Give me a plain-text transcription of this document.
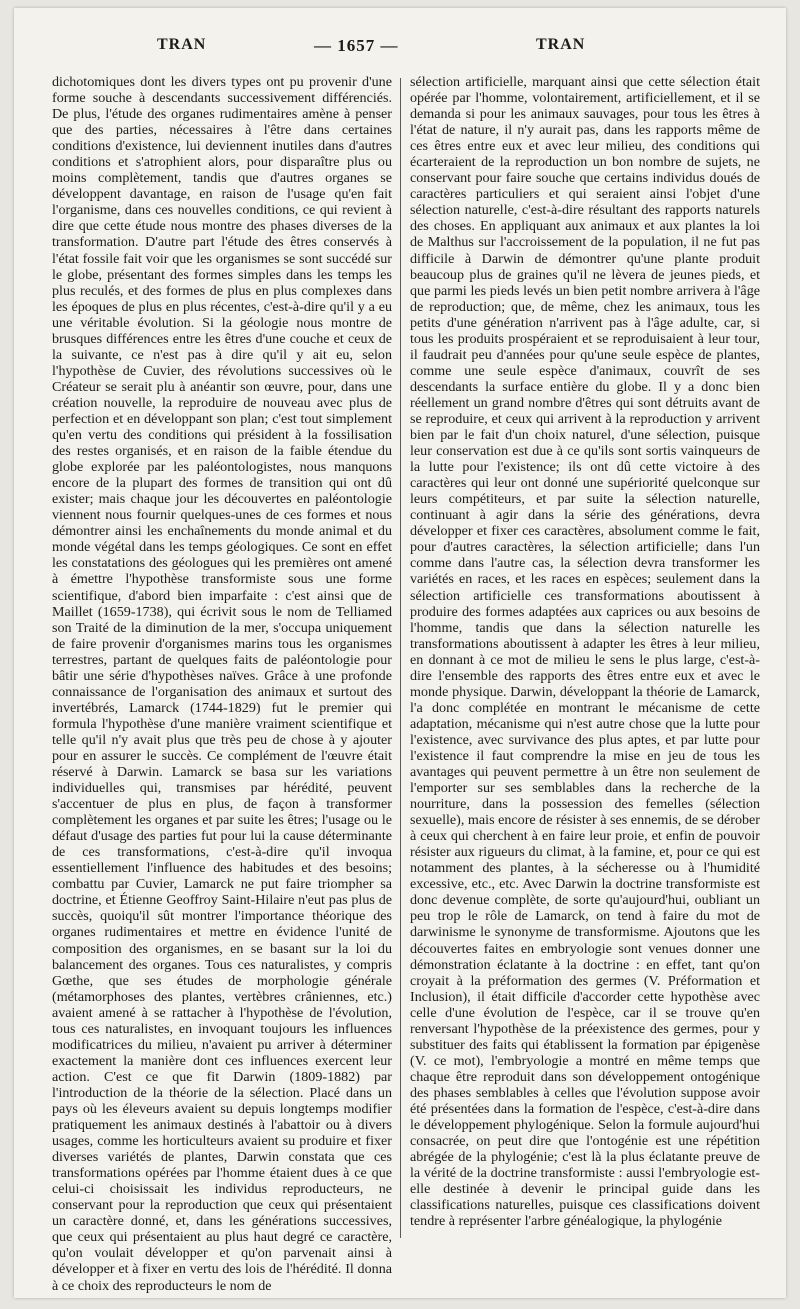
TRAN	— 1657 —	TRAN

dichotomiques dont les divers types ont pu provenir d'une forme souche à descendants successivement différenciés. De plus, l'étude des organes rudimentaires amène à penser que des parties, nécessaires à l'être dans certaines conditions d'existence, lui deviennent inutiles dans d'autres conditions et s'atrophient alors, pour disparaître plus ou moins complètement, tandis que d'autres organes se développent davantage, en raison de l'usage qu'en fait l'organisme, dans ces nouvelles conditions, ce qui revient à dire que cette étude nous montre des phases diverses de la transformation. D'autre part l'étude des êtres conservés à l'état fossile fait voir que les organismes se sont succédé sur le globe, présentant des formes simples dans les temps les plus reculés, et des formes de plus en plus complexes dans les époques de plus en plus récentes, c'est-à-dire qu'il y a eu une véritable évolution. Si la géologie nous montre de brusques différences entre les êtres d'une couche et ceux de la suivante, ce n'est pas à dire qu'il y ait eu, selon l'hypothèse de Cuvier, des révolutions successives où le Créateur se serait plu à anéantir son œuvre, pour, dans une création nouvelle, la reproduire de nouveau avec plus de perfection et en développant son plan; c'est tout simplement qu'en vertu des conditions qui président à la fossilisation des restes organisés, et en raison de la faible étendue du globe explorée par les paléontologistes, nous manquons encore de la plupart des formes de transition qui ont dû exister; mais chaque jour les découvertes en paléontologie viennent nous fournir quelques-unes de ces formes et nous démontrer ainsi les enchaînements du monde animal et du monde végétal dans les temps géologiques. Ce sont en effet les constatations des géologues qui les premières ont amené à émettre l'hypothèse transformiste sous une forme scientifique, d'abord bien imparfaite : c'est ainsi que de Maillet (1659-1738), qui écrivit sous le nom de Telliamed son Traité de la diminution de la mer, s'occupa uniquement de faire provenir d'organismes marins tous les organismes terrestres, partant de quelques faits de paléontologie pour bâtir une série d'hypothèses naïves. Grâce à une profonde connaissance de l'organisation des animaux et surtout des invertébrés, Lamarck (1744-1829) fut le premier qui formula l'hypothèse d'une manière vraiment scientifique et telle qu'il n'y avait plus que très peu de chose à y ajouter pour en assurer le succès. Ce complément de l'œuvre était réservé à Darwin. Lamarck se basa sur les variations individuelles qui, transmises par hérédité, peuvent s'accentuer de plus en plus, de façon à transformer complètement les organes et par suite les êtres; l'usage ou le défaut d'usage des parties fut pour lui la cause déterminante de ces transformations, c'est-à-dire qu'il invoqua essentiellement l'influence des habitudes et des besoins; combattu par Cuvier, Lamarck ne put faire triompher sa doctrine, et Étienne Geoffroy Saint-Hilaire n'eut pas plus de succès, quoiqu'il sût montrer l'importance théorique des organes rudimentaires et mettre en évidence l'unité de composition des organismes, en se basant sur la loi du balancement des organes. Tous ces naturalistes, y compris Gœthe, que ses études de morphologie générale (métamorphoses des plantes, vertèbres crâniennes, etc.) avaient amené à se rattacher à l'hypothèse de l'évolution, tous ces naturalistes, en invoquant toujours les influences modificatrices du milieu, n'avaient pu arriver à déterminer exactement la manière dont ces influences exercent leur action. C'est ce que fit Darwin (1809-1882) par l'introduction de la théorie de la sélection. Placé dans un pays où les éleveurs avaient su depuis longtemps modifier pratiquement les animaux destinés à l'abattoir ou à divers usages, comme les horticulteurs avaient su produire et fixer diverses variétés de plantes, Darwin constata que ces transformations opérées par l'homme étaient dues à ce que celui-ci choisissait les individus reproducteurs, ne conservant pour la reproduction que ceux qui présentaient un caractère donné, et, dans les générations successives, que ceux qui présentaient au plus haut degré ce caractère, qu'on voulait développer et qu'on parvenait ainsi à développer et à fixer en vertu des lois de l'hérédité. Il donna à ce choix des reproducteurs le nom de

sélection artificielle, marquant ainsi que cette sélection était opérée par l'homme, volontairement, artificiellement, et il se demanda si pour les animaux sauvages, pour tous les êtres à l'état de nature, il n'y aurait pas, dans les rapports même de ces êtres entre eux et avec leur milieu, des conditions qui écarteraient de la reproduction un bon nombre de sujets, ne conservant pour faire souche que certains individus doués de caractères particuliers et qui seraient ainsi l'objet d'une sélection naturelle, c'est-à-dire résultant des rapports naturels des choses. En appliquant aux animaux et aux plantes la loi de Malthus sur l'accroissement de la population, il ne fut pas difficile à Darwin de démontrer qu'une plante produit beaucoup plus de graines qu'il ne lèvera de jeunes pieds, et que parmi les pieds levés un bien petit nombre arrivera à l'âge de reproduction; que, de même, chez les animaux, tous les petits d'une génération n'arrivent pas à l'âge adulte, car, si tous les produits prospéraient et se reproduisaient à leur tour, il faudrait peu d'années pour qu'une seule espèce de plantes, comme une seule espèce d'animaux, couvrît de ses descendants la surface entière du globe. Il y a donc bien réellement un grand nombre d'êtres qui sont détruits avant de se reproduire, et ceux qui arrivent à la reproduction y arrivent bien par le fait d'un choix naturel, d'une sélection, puisque leur conservation est due à ce qu'ils sont sortis vainqueurs de la lutte pour l'existence; ils ont dû cette victoire à des caractères qui leur ont donné une supériorité quelconque sur leurs compétiteurs, et par suite la sélection naturelle, continuant à agir dans la série des générations, devra développer et fixer ces caractères, absolument comme le fait, pour d'autres caractères, la sélection artificielle; dans l'un comme dans l'autre cas, la sélection devra transformer les variétés en races, et les races en espèces; seulement dans la sélection artificielle ces transformations aboutissent à produire des formes adaptées aux caprices ou aux besoins de l'homme, tandis que dans la sélection naturelle les transformations aboutissent à adapter les êtres à leur milieu, en donnant à ce mot de milieu le sens le plus large, c'est-à-dire l'ensemble des rapports des êtres entre eux et avec le monde physique. Darwin, développant la théorie de Lamarck, l'a donc complétée en montrant le mécanisme de cette adaptation, mécanisme qui n'est autre chose que la lutte pour l'existence, avec survivance des plus aptes, et par lutte pour l'existence il faut comprendre la mise en jeu de tous les avantages qui peuvent permettre à un être non seulement de l'emporter sur ses semblables dans la recherche de la nourriture, dans la possession des femelles (sélection sexuelle), mais encore de résister à ses ennemis, de se dérober à ceux qui cherchent à en faire leur proie, et enfin de pouvoir résister aux rigueurs du climat, à la famine, et, pour ce qui est notamment des plantes, à la sécheresse ou à l'humidité excessive, etc., etc. Avec Darwin la doctrine transformiste est donc devenue complète, de sorte qu'aujourd'hui, oubliant un peu trop le rôle de Lamarck, on tend à faire du mot de darwinisme le synonyme de transformisme. Ajoutons que les découvertes faites en embryologie sont venues donner une démonstration éclatante à la doctrine : en effet, tant qu'on croyait à la préformation des germes (V. Préformation et Inclusion), il était difficile d'accorder cette hypothèse avec celle d'une évolution de l'espèce, car il se trouve qu'en renversant l'hypothèse de la préexistence des germes, pour y substituer des faits qui établissent la formation par épigenèse (V. ce mot), l'embryologie a montré en même temps que chaque être reproduit dans son développement ontogénique des phases semblables à celles que l'évolution suppose avoir été présentées dans la formation de l'espèce, c'est-à-dire dans le développement phylogénique. Selon la formule aujourd'hui consacrée, on peut dire que l'ontogénie est une répétition abrégée de la phylogénie; c'est là la plus éclatante preuve de la vérité de la doctrine transformiste : aussi l'embryologie est-elle destinée à devenir le principal guide dans les classifications naturelles, puisque ces classifications doivent tendre à représenter l'arbre généalogique, la phylogénie
